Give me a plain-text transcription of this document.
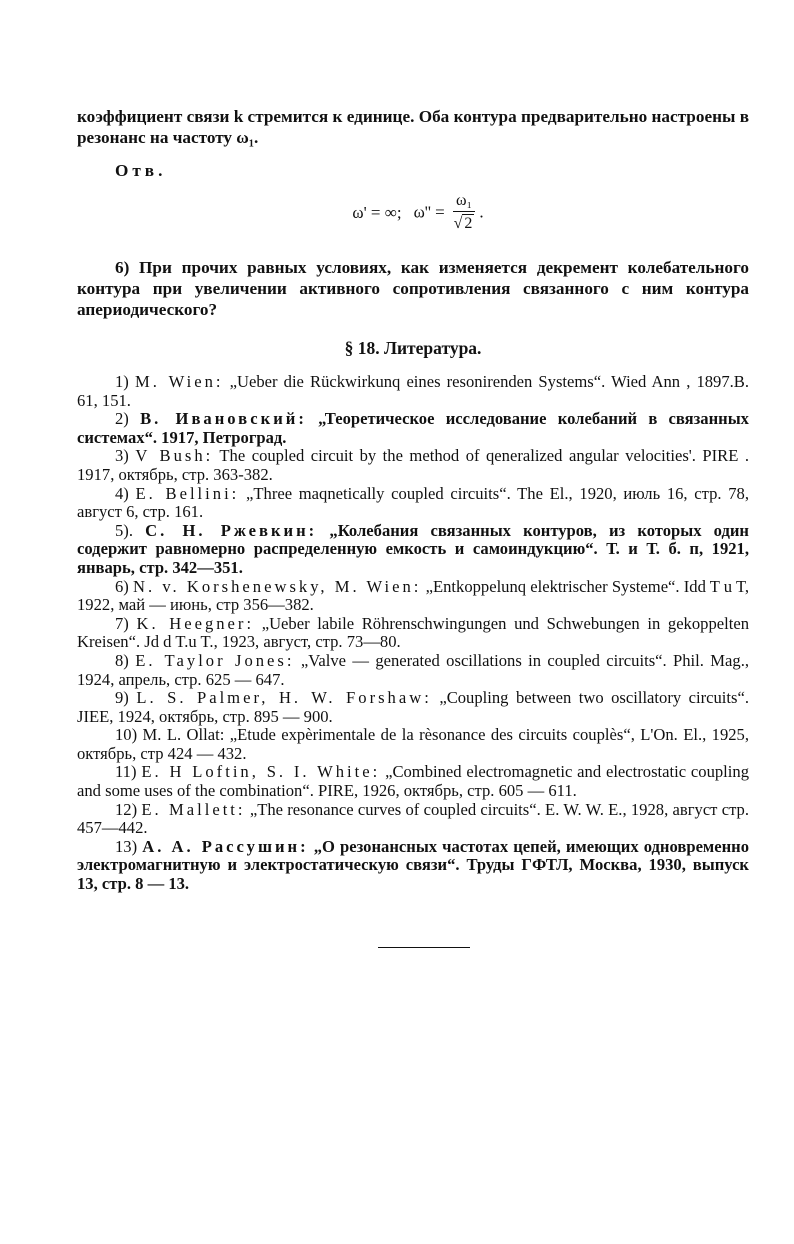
коэффициент связи k стремится к единице. Оба контура предварительно настроены в резонанс на частоту ω₁.

Отв.
ω' = ∞; $\omega'' = \frac{\text{ω₁}}{√ 2}$ .

6) При прочих равных условиях, как изменяется декремент колебательного контура при увеличении активного сопротивления связанного с ним контура апериодического?

§ 18. Литература.

1) M. Wien: „Ueber die Rückwirkunq eines resonirenden Systems“. Wied Ann , 1897.B. 61, 151.

2) В. Ивановский: „Теоретическое исследование колебаний в связанных системах“. 1917, Петроград.

3) V Bush: The coupled circuit by the method of qeneralized angular velocities'. PIRE . 1917, октябрь, стр. 363-382.

4) E. Bellini: „Three maqnetically coupled circuits“. The El., 1920, июль 16, стр. 78, август 6, стр. 161.

5). C. H. Ржевкин: „Колебания связанных контуров, из которых один содержит равномерно распределенную емкость и самоиндукцию“. Т. и Т. б. п, 1921, январь, стр. 342—351.

6) N. v. Korshenewsky, M. Wien: „Entkoppelunq elektrischer Systeme“. Idd T u T, 1922, май — июнь, стр 356—382.

7) K. Heegner: „Ueber labile Röhrenschwingungen und Schwebungen in gekoppelten Kreisen“. Jd d T.u T., 1923, август, стр. 73—80.

8) E. Taylor Jones: „Valve — generated oscillations in coupled circuits“. Phil. Mag., 1924, апрель, стр. 625 — 647.

9) L. S. Palmer, H. W. Forshaw: „Coupling between two oscillatory circuits“. JIEE, 1924, октябрь, стр. 895 — 900.

10) M. L. Ollat: „Etude expèrimentale de la rèsonance des circuits couplès“, L'On. El., 1925, октябрь, стр 424 — 432.

11) E. H Loftin, S. I. White: „Combined electromagnetic and electrostatic coupling and some uses of the combination“. PIRE, 1926, октябрь, стр. 605 — 611.

12) E. Mallett: „The resonance curves of coupled circuits“. E. W. W. E., 1928, август стр. 457—442.

13) A. A. Рассушин: „О резонансных частотах цепей, имеющих одновременно электромагнитную и электростатическую связи“. Труды ГФТЛ, Москва, 1930, выпуск 13, стр. 8 — 13.
